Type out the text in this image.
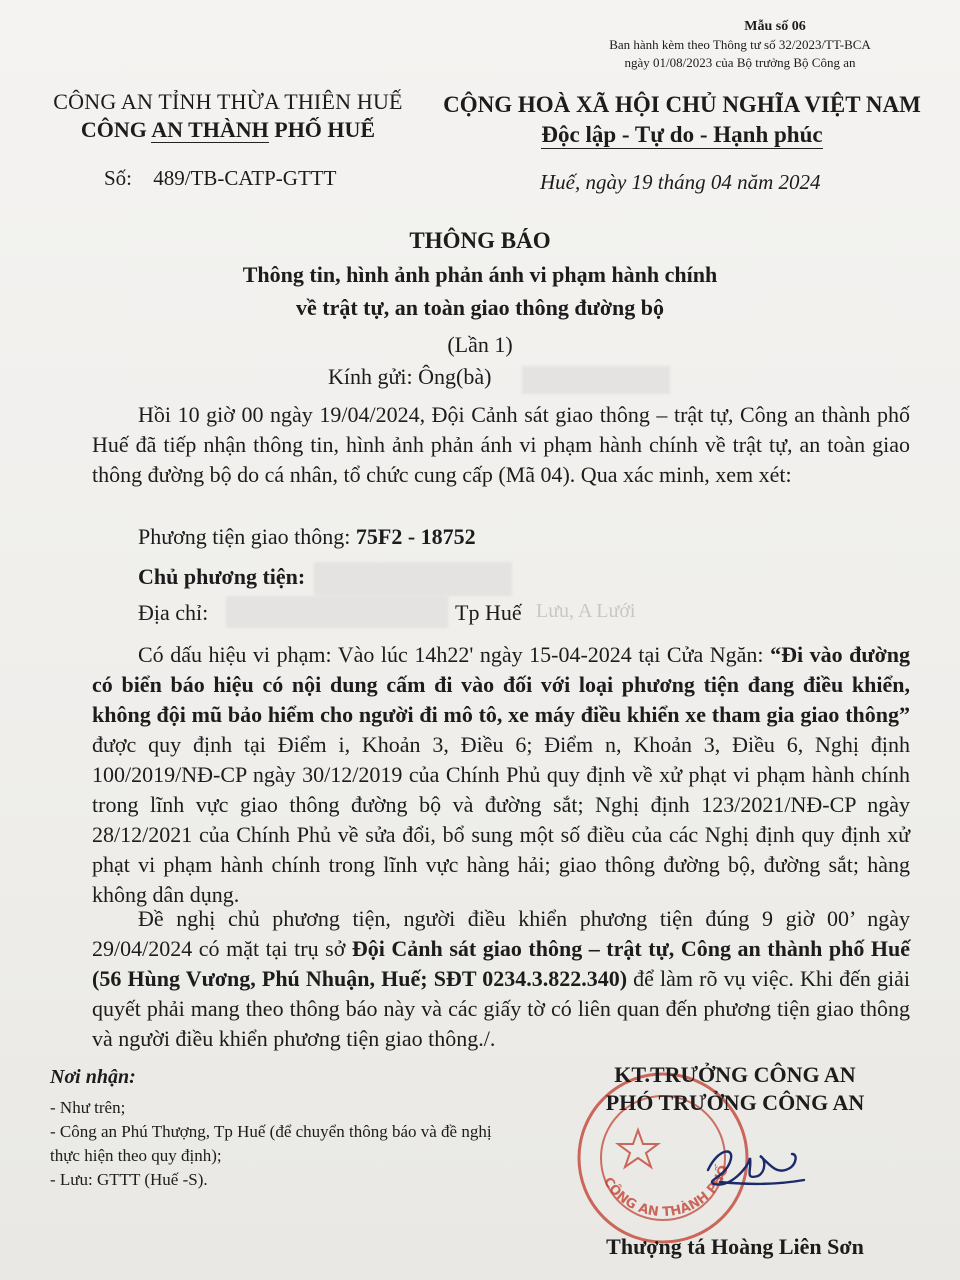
Mẫu số 06
Ban hành kèm theo Thông tư số 32/2023/TT-BCA
ngày 01/08/2023 của Bộ trưởng Bộ Công an
CÔNG AN TỈNH THỪA THIÊN HUẾ
CÔNG AN THÀNH PHỐ HUẾ
Số: 489/TB-CATP-GTTT
CỘNG HOÀ XÃ HỘI CHỦ NGHĨA VIỆT NAM
Độc lập - Tự do - Hạnh phúc
Huế, ngày 19 tháng 04 năm 2024
THÔNG BÁO
Thông tin, hình ảnh phản ánh vi phạm hành chính
về trật tự, an toàn giao thông đường bộ
(Lần 1)
Kính gửi: Ông(bà)
Hồi 10 giờ 00 ngày 19/04/2024, Đội Cảnh sát giao thông – trật tự, Công an thành phố Huế đã tiếp nhận thông tin, hình ảnh phản ánh vi phạm hành chính về trật tự, an toàn giao thông đường bộ do cá nhân, tổ chức cung cấp (Mã 04). Qua xác minh, xem xét:
Phương tiện giao thông: 75F2 - 18752
Chủ phương tiện:
Địa chỉ:	Tp Huế Lưu, A Lưới
Có dấu hiệu vi phạm: Vào lúc 14h22' ngày 15-04-2024 tại Cửa Ngăn: “Đi vào đường có biển báo hiệu có nội dung cấm đi vào đối với loại phương tiện đang điều khiển, không đội mũ bảo hiểm cho người đi mô tô, xe máy điều khiển xe tham gia giao thông” được quy định tại Điểm i, Khoản 3, Điều 6; Điểm n, Khoản 3, Điều 6, Nghị định 100/2019/NĐ-CP ngày 30/12/2019 của Chính Phủ quy định về xử phạt vi phạm hành chính trong lĩnh vực giao thông đường bộ và đường sắt; Nghị định 123/2021/NĐ-CP ngày 28/12/2021 của Chính Phủ về sửa đổi, bổ sung một số điều của các Nghị định quy định xử phạt vi phạm hành chính trong lĩnh vực hàng hải; giao thông đường bộ, đường sắt; hàng không dân dụng.
Đề nghị chủ phương tiện, người điều khiển phương tiện đúng 9 giờ 00’ ngày 29/04/2024 có mặt tại trụ sở Đội Cảnh sát giao thông – trật tự, Công an thành phố Huế (56 Hùng Vương, Phú Nhuận, Huế; SĐT 0234.3.822.340) để làm rõ vụ việc. Khi đến giải quyết phải mang theo thông báo này và các giấy tờ có liên quan đến phương tiện giao thông và người điều khiển phương tiện giao thông./.
Nơi nhận:
- Như trên;
- Công an Phú Thượng, Tp Huế (để chuyển thông báo và đề nghị thực hiện theo quy định);
- Lưu: GTTT (Huế -S).	CÔNG AN THÀNH PHỐ
KT.TRƯỞNG CÔNG AN
PHÓ TRƯỞNG CÔNG AN
Thượng tá Hoàng Liên Sơn
